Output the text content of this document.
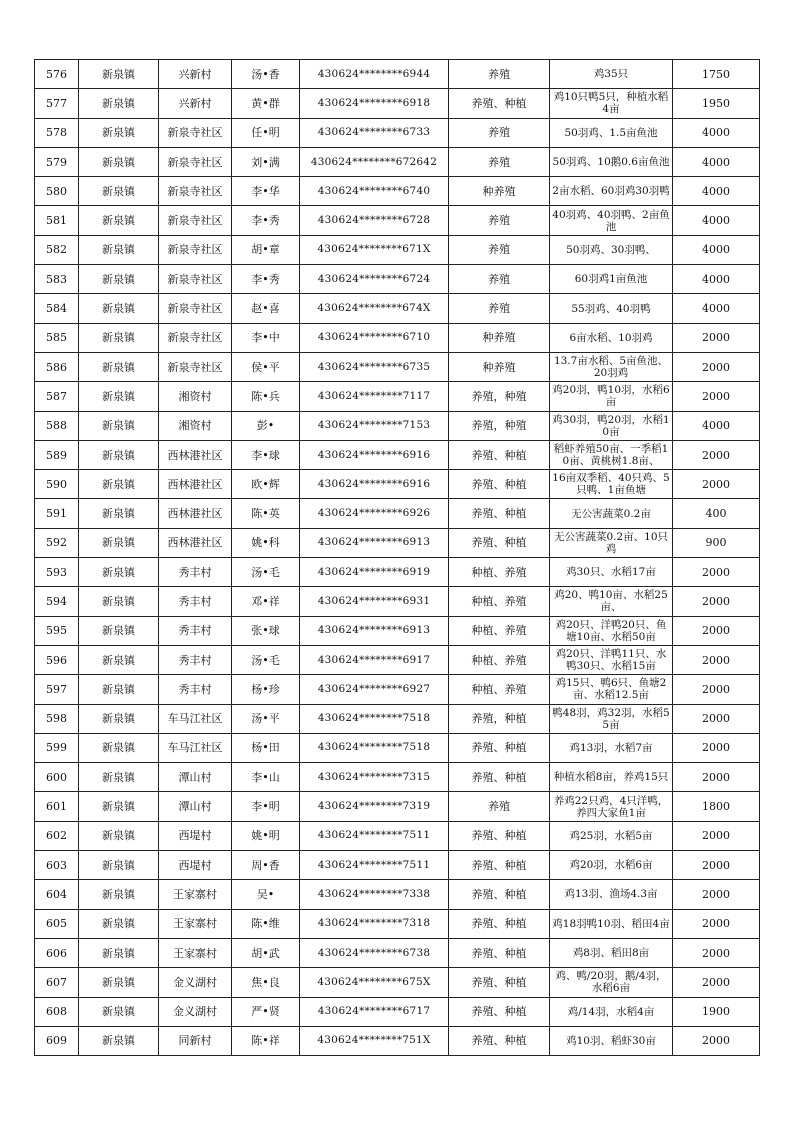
576	新泉镇	兴新村	汤•香	430624********6944	养殖	鸡35只	1750
577	新泉镇	兴新村	黄•群	430624********6918	养殖、种植	鸡10只鸭5只，种植水稻4亩	1950
578	新泉镇	新泉寺社区	任•明	430624********6733	养殖	50羽鸡、1.5亩鱼池	4000
579	新泉镇	新泉寺社区	刘•满	430624********672642	养殖	50羽鸡、10鹅0.6亩鱼池	4000
580	新泉镇	新泉寺社区	李•华	430624********6740	种养殖	2亩水稻、60羽鸡30羽鸭	4000
581	新泉镇	新泉寺社区	李•秀	430624********6728	养殖	40羽鸡、40羽鸭、2亩鱼池	4000
582	新泉镇	新泉寺社区	胡•章	430624********671X	养殖	50羽鸡、30羽鸭、	4000
583	新泉镇	新泉寺社区	李•秀	430624********6724	养殖	60羽鸡1亩鱼池	4000
584	新泉镇	新泉寺社区	赵•喜	430624********674X	养殖	55羽鸡、40羽鸭	4000
585	新泉镇	新泉寺社区	李•中	430624********6710	种养殖	6亩水稻、10羽鸡	2000
586	新泉镇	新泉寺社区	侯•平	430624********6735	种养殖	13.7亩水稻、5亩鱼池、20羽鸡	2000
587	新泉镇	湘资村	陈•兵	430624********7117	养殖，种殖	鸡20羽，鸭10羽，水稻6亩	2000
588	新泉镇	湘资村	彭•	430624********7153	养殖，种殖	鸡30羽，鸭20羽，水稻10亩	4000
589	新泉镇	西林港社区	李•球	430624********6916	养殖、种植	稻虾养殖50亩、一季稻10亩、黄桃树1.8亩、	2000
590	新泉镇	西林港社区	欧•辉	430624********6916	养殖、种植	16亩双季稻、40只鸡、5只鸭、1亩鱼塘	2000
591	新泉镇	西林港社区	陈•英	430624********6926	养殖、种植	无公害蔬菜0.2亩	400
592	新泉镇	西林港社区	姚•科	430624********6913	养殖、种植	无公害蔬菜0.2亩、10只鸡	900
593	新泉镇	秀丰村	汤•毛	430624********6919	种植、养殖	鸡30只、水稻17亩	2000
594	新泉镇	秀丰村	邓•祥	430624********6931	种植、养殖	鸡20、鸭10亩、水稻25亩、	2000
595	新泉镇	秀丰村	张•球	430624********6913	种植、养殖	鸡20只、洋鸭20只、鱼塘10亩、水稻50亩	2000
596	新泉镇	秀丰村	汤•毛	430624********6917	种植、养殖	鸡20只、洋鸭11只、水鸭30只、水稻15亩	2000
597	新泉镇	秀丰村	杨•珍	430624********6927	种植、养殖	鸡15只、鸭6只、鱼塘2亩、水稻12.5亩	2000
598	新泉镇	车马江社区	汤•平	430624********7518	养殖，种植	鸭48羽，鸡32羽，水稻55亩	2000
599	新泉镇	车马江社区	杨•田	430624********7518	养殖、种植	鸡13羽，水稻7亩	2000
600	新泉镇	潭山村	李•山	430624********7315	养殖、种植	种植水稻8亩，养鸡15只	2000
601	新泉镇	潭山村	李•明	430624********7319	养殖	养鸡22只鸡，4只洋鸭，养四大家鱼1亩	1800
602	新泉镇	西堤村	姚•明	430624********7511	养殖、种植	鸡25羽，水稻5亩	2000
603	新泉镇	西堤村	周•香	430624********7511	养殖、种植	鸡20羽，水稻6亩	2000
604	新泉镇	王家寨村	吴•	430624********7338	养殖、种植	鸡13羽、渔场4.3亩	2000
605	新泉镇	王家寨村	陈•维	430624********7318	养殖、种植	鸡18羽鸭10羽、稻田4亩	2000
606	新泉镇	王家寨村	胡•武	430624********6738	养殖、种植	鸡8羽、稻田8亩	2000
607	新泉镇	金义湖村	焦•良	430624********675X	养殖、种植	鸡、鸭/20羽，鹅/4羽，水稻6亩	2000
608	新泉镇	金义湖村	严•贤	430624********6717	养殖、种植	鸡/14羽，水稻4亩	1900
609	新泉镇	同新村	陈•祥	430624********751X	养殖、种植	鸡10羽、稻虾30亩	2000
